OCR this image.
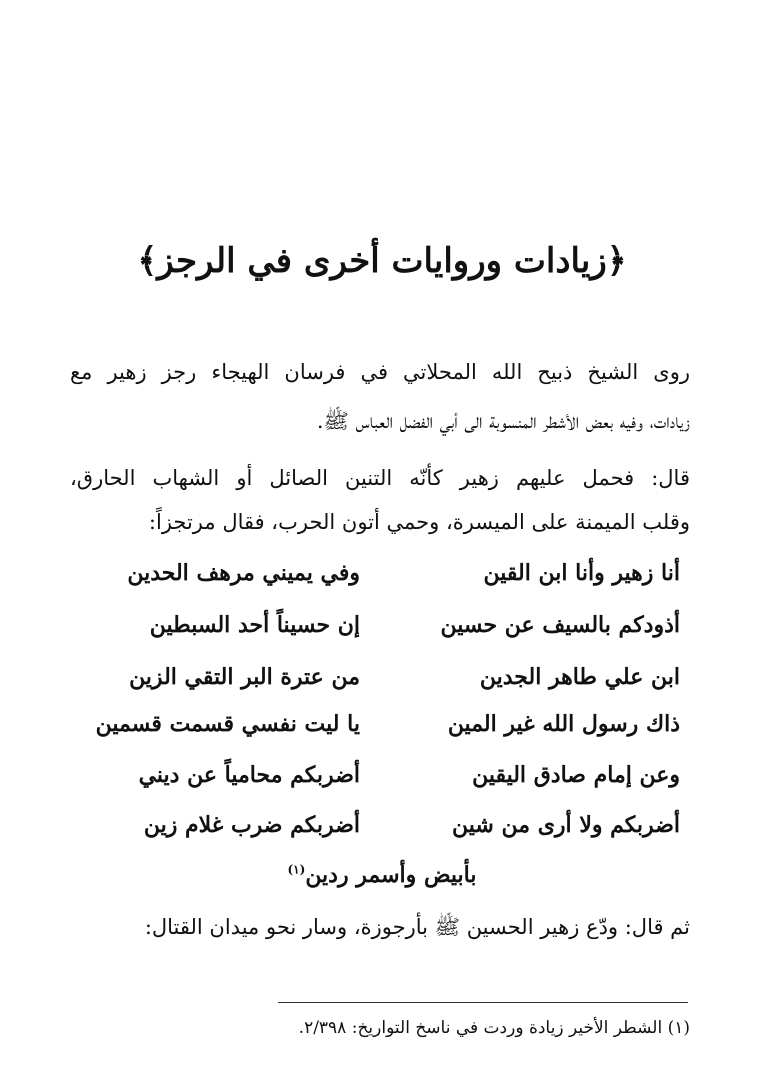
﴿زيادات وروايات أخرى في الرجز﴾
روى الشيخ ذبيح الله المحلاتي في فرسان الهيجاء رجز زهير مع
زيادات، وفيه بعض الأشطر المنسوبة الى أبي الفضل العباس ﷺ.
قال: فحمل عليهم زهير كأنّه التنين الصائل أو الشهاب الحارق،
وقلب الميمنة على الميسرة، وحمي أتون الحرب، فقال مرتجزاً:
أنا زهير وأنا ابن القين
وفي يميني مرهف الحدين
أذودكم بالسيف عن حسين
إن حسيناً أحد السبطين
ابن علي طاهر الجدين
من عترة البر التقي الزين
ذاك رسول الله غير المين
يا ليت نفسي قسمت قسمين
وعن إمام صادق اليقين
أضربكم محامياً عن ديني
أضربكم ولا أرى من شين
أضربكم ضرب غلام زين
بأبيض وأسمر ردين$^{(١)}$
ثم قال: ودّع زهير الحسين ﷺ بأرجوزة، وسار نحو ميدان القتال:
(١) الشطر الأخير زيادة وردت في ناسخ التواريخ: ٢/٣٩٨.
